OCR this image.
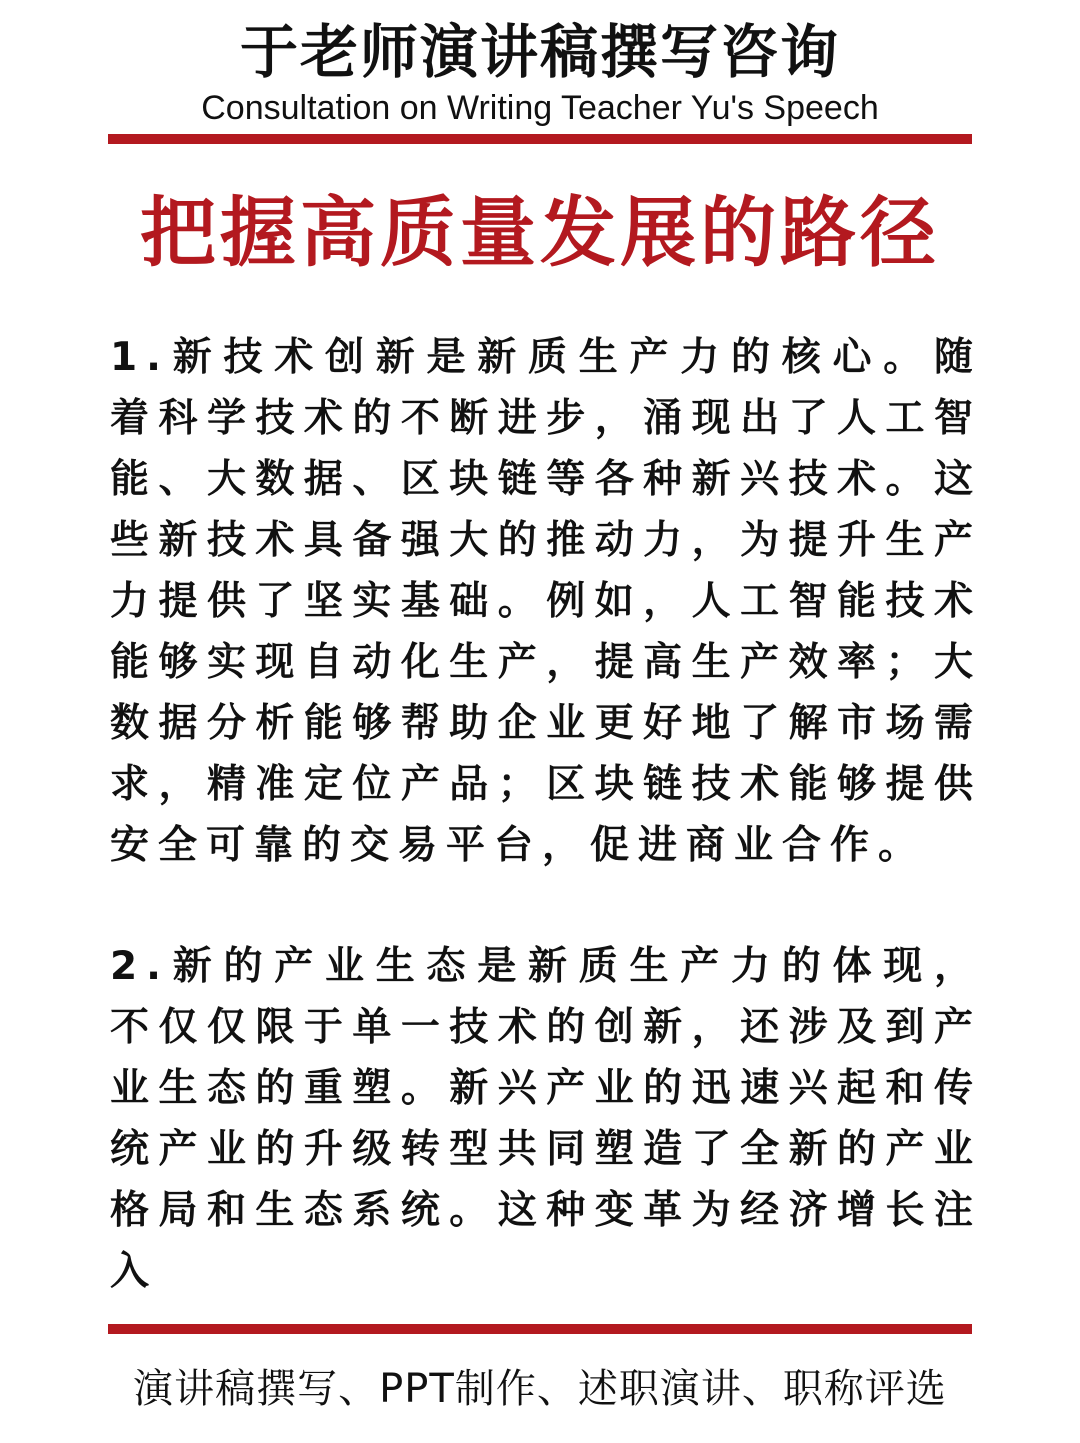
于老师演讲稿撰写咨询
Consultation on Writing Teacher Yu's Speech
把握高质量发展的路径
1.新技术创新是新质生产力的核心。随着科学技术的不断进步，涌现出了人工智能、大数据、区块链等各种新兴技术。这些新技术具备强大的推动力，为提升生产力提供了坚实基础。例如，人工智能技术能够实现自动化生产，提高生产效率；大数据分析能够帮助企业更好地了解市场需求，精准定位产品；区块链技术能够提供安全可靠的交易平台，促进商业合作。
2.新的产业生态是新质生产力的体现，不仅仅限于单一技术的创新，还涉及到产业生态的重塑。新兴产业的迅速兴起和传统产业的升级转型共同塑造了全新的产业格局和生态系统。这种变革为经济增长注入
演讲稿撰写、PPT制作、述职演讲、职称评选
